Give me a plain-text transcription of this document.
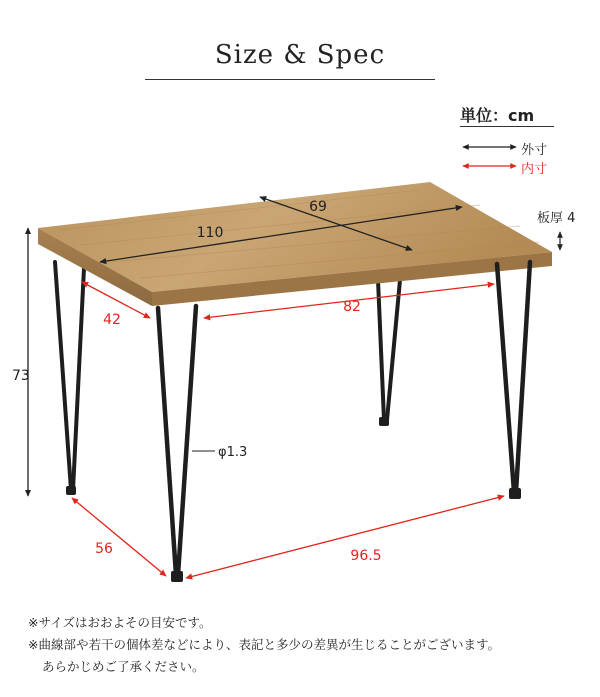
Size & Spec
単位：cm
69
110
板厚 4
42
82
73
φ1.3
56	96.5
外寸
内寸
※サイズはおおよその目安です。
※曲線部や若干の個体差などにより、表記と多少の差異が生じることがございます。
あらかじめご了承ください。
